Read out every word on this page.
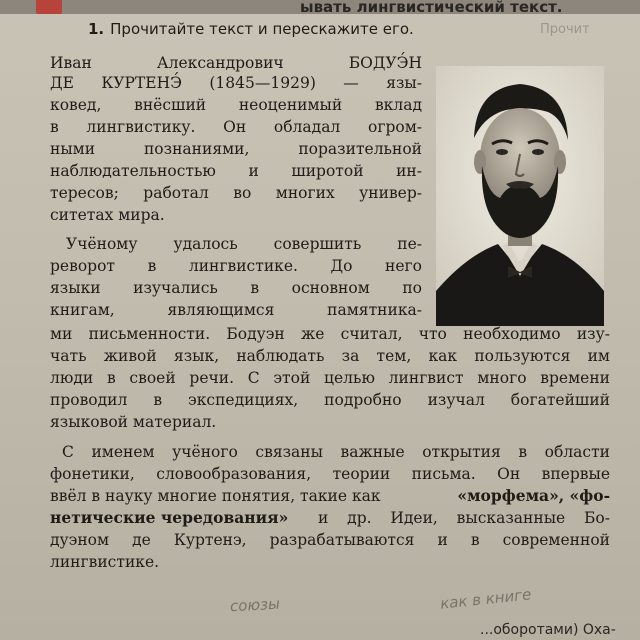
ывать лингвистический текст.
1. Прочитайте текст и перескажите его.	Прочит
Иван Александрович БОДУЭ́Н
ДЕ КУРТЕНЭ́ (1845—1929) — язы-
ковед, внёсший неоценимый вклад
в лингвистику. Он обладал огром-
ными познаниями, поразительной
наблюдательностью и широтой ин-
тересов; работал во многих универ-
ситетах мира.
Учёному удалось совершить пе-
реворот в лингвистике. До него
языки изучались в основном по
книгам, являющимся памятника-
ми письменности. Бодуэн же считал, что необходимо изу-
чать живой язык, наблюдать за тем, как пользуются им
люди в своей речи. С этой целью лингвист много времени
проводил в экспедициях, подробно изучал богатейший
языковой материал.
С именем учёного связаны важные открытия в области
фонетики, словообразования, теории письма. Он впервые
ввёл в науку многие понятия, такие как	«морфема», «фо-
нетические чередования»	и др. Идеи, высказанные Бо-
дуэном де Куртенэ, разрабатываются и в современной
лингвистике.
союзы	как в книге
...оборотами) Оха-
